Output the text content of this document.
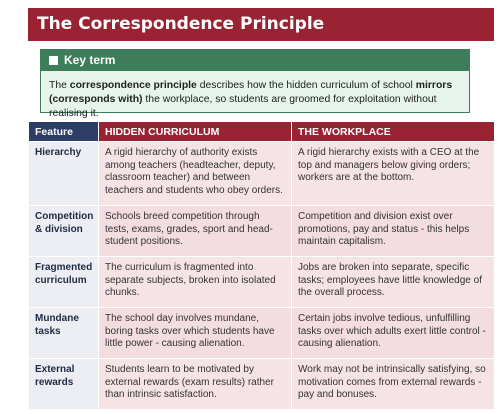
The Correspondence Principle
Key term
The correspondence principle describes how the hidden curriculum of school mirrors (corresponds with) the workplace, so students are groomed for exploitation without realising it.
Feature	HIDDEN CURRICULUM	THE WORKPLACE
Hierarchy	A rigid hierarchy of authority exists among teachers (headteacher, deputy, classroom teacher) and between teachers and students who obey orders.	A rigid hierarchy exists with a CEO at the top and managers below giving orders; workers are at the bottom.
Competition & division	Schools breed competition through tests, exams, grades, sport and head-student positions.	Competition and division exist over promotions, pay and status - this helps maintain capitalism.
Fragmented curriculum	The curriculum is fragmented into separate subjects, broken into isolated chunks.	Jobs are broken into separate, specific tasks; employees have little knowledge of the overall process.
Mundane tasks	The school day involves mundane, boring tasks over which students have little power - causing alienation.	Certain jobs involve tedious, unfulfilling tasks over which adults exert little control - causing alienation.
External rewards	Students learn to be motivated by external rewards (exam results) rather than intrinsic satisfaction.	Work may not be intrinsically satisfying, so motivation comes from external rewards - pay and bonuses.
